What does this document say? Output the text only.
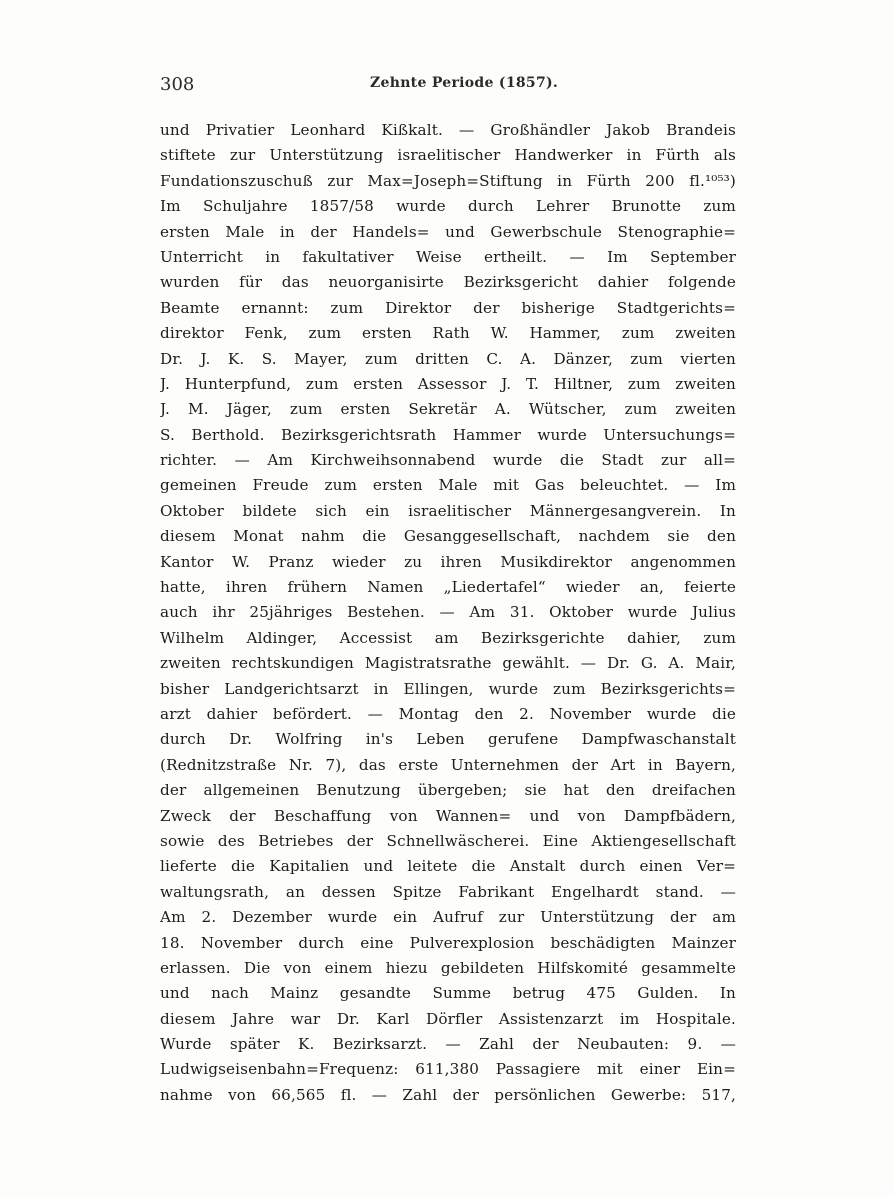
308	Zehnte Periode (1857).
und Privatier Leonhard Kißkalt. — Großhändler Jakob Brandeis
stiftete zur Unterstützung israelitischer Handwerker in Fürth als
Fundationszuschuß zur Max=Joseph=Stiftung in Fürth 200 fl.¹⁰⁵³)
Im Schuljahre 1857/58 wurde durch Lehrer Brunotte zum
ersten Male in der Handels= und Gewerbschule Stenographie=
Unterricht in fakultativer Weise ertheilt. — Im September
wurden für das neuorganisirte Bezirksgericht dahier folgende
Beamte ernannt: zum Direktor der bisherige Stadtgerichts=
direktor Fenk, zum ersten Rath W. Hammer, zum zweiten
Dr. J. K. S. Mayer, zum dritten C. A. Dänzer, zum vierten
J. Hunterpfund, zum ersten Assessor J. T. Hiltner, zum zweiten
J. M. Jäger, zum ersten Sekretär A. Wütscher, zum zweiten
S. Berthold. Bezirksgerichtsrath Hammer wurde Untersuchungs=
richter. — Am Kirchweihsonnabend wurde die Stadt zur all=
gemeinen Freude zum ersten Male mit Gas beleuchtet. — Im
Oktober bildete sich ein israelitischer Männergesangverein. In
diesem Monat nahm die Gesanggesellschaft, nachdem sie den
Kantor W. Pranz wieder zu ihren Musikdirektor angenommen
hatte, ihren frühern Namen „Liedertafel“ wieder an, feierte
auch ihr 25jähriges Bestehen. — Am 31. Oktober wurde Julius
Wilhelm Aldinger, Accessist am Bezirksgerichte dahier, zum
zweiten rechtskundigen Magistratsrathe gewählt. — Dr. G. A. Mair,
bisher Landgerichtsarzt in Ellingen, wurde zum Bezirksgerichts=
arzt dahier befördert. — Montag den 2. November wurde die
durch Dr. Wolfring in's Leben gerufene Dampfwaschanstalt
(Rednitzstraße Nr. 7), das erste Unternehmen der Art in Bayern,
der allgemeinen Benutzung übergeben; sie hat den dreifachen
Zweck der Beschaffung von Wannen= und von Dampfbädern,
sowie des Betriebes der Schnellwäscherei. Eine Aktiengesellschaft
lieferte die Kapitalien und leitete die Anstalt durch einen Ver=
waltungsrath, an dessen Spitze Fabrikant Engelhardt stand. —
Am 2. Dezember wurde ein Aufruf zur Unterstützung der am
18. November durch eine Pulverexplosion beschädigten Mainzer
erlassen. Die von einem hiezu gebildeten Hilfskomité gesammelte
und nach Mainz gesandte Summe betrug 475 Gulden. In
diesem Jahre war Dr. Karl Dörfler Assistenzarzt im Hospitale.
Wurde später K. Bezirksarzt. — Zahl der Neubauten: 9. —
Ludwigseisenbahn=Frequenz: 611,380 Passagiere mit einer Ein=
nahme von 66,565 fl. — Zahl der persönlichen Gewerbe: 517,
